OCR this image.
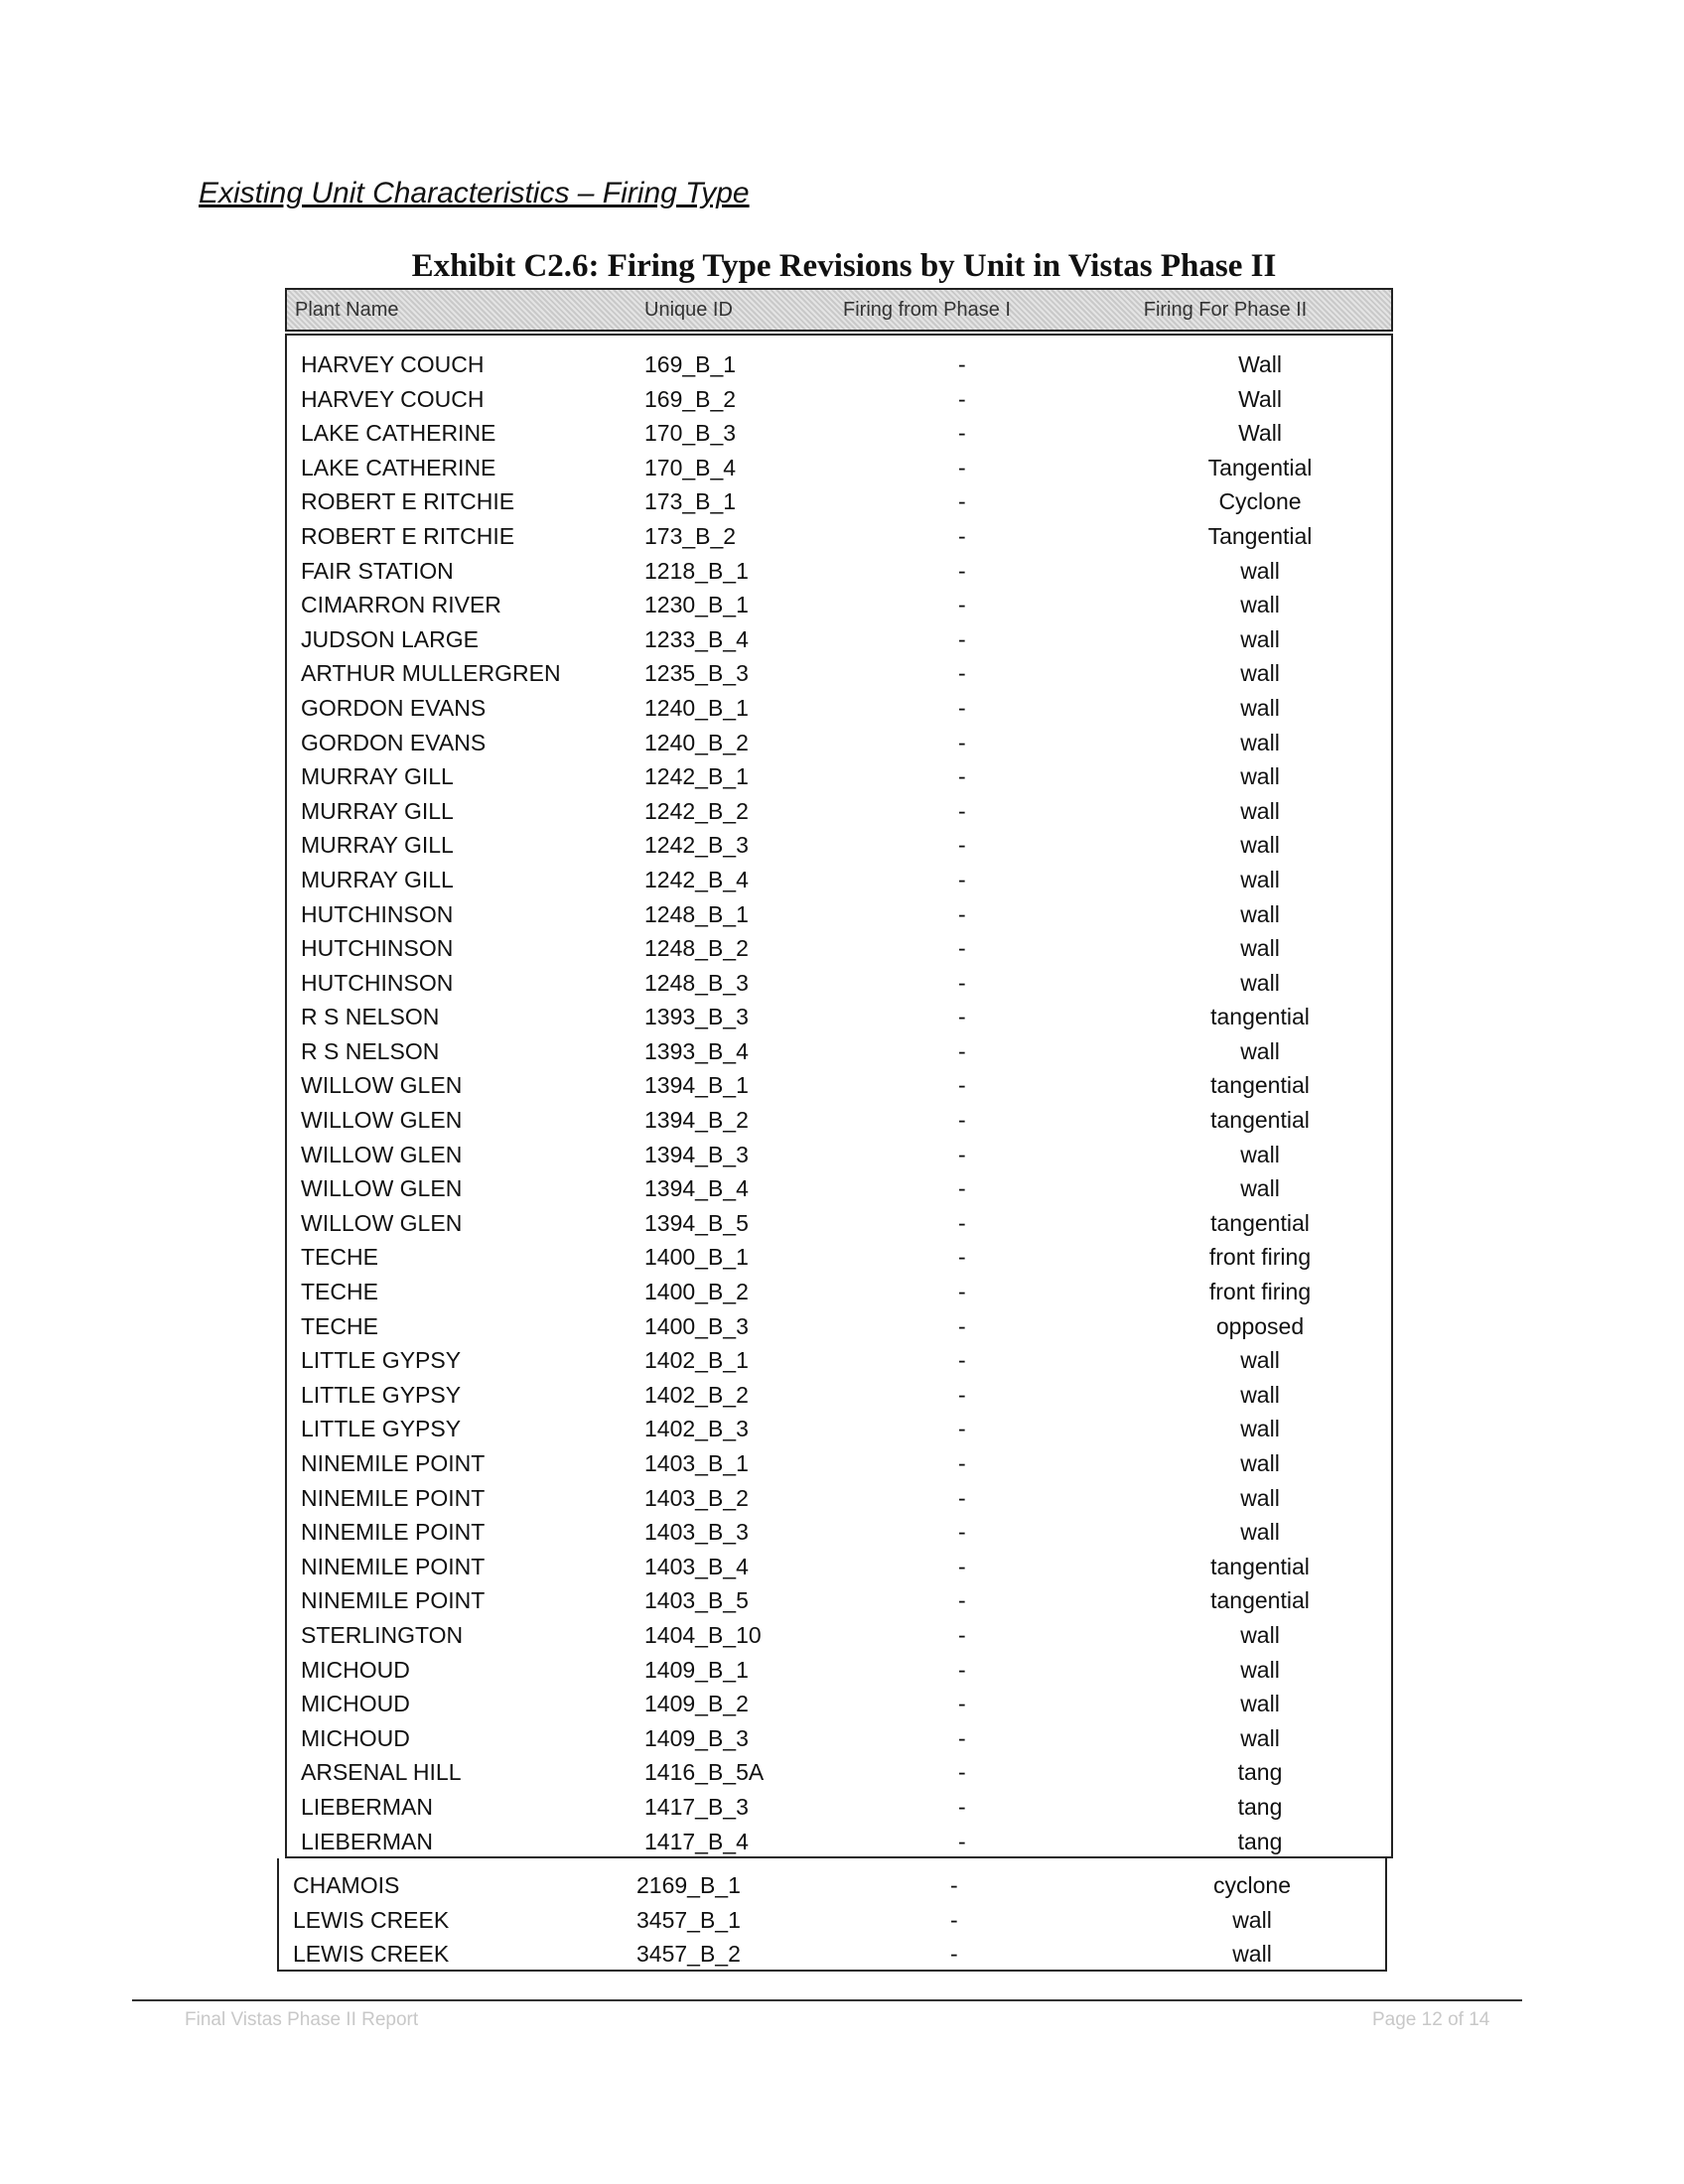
Existing Unit Characteristics – Firing Type
Exhibit C2.6: Firing Type Revisions by Unit in Vistas Phase II
Plant Name	Unique ID	Firing from Phase I	Firing For Phase II
HARVEY COUCH	169_B_1	-	Wall
HARVEY COUCH	169_B_2	-	Wall
LAKE CATHERINE	170_B_3	-	Wall
LAKE CATHERINE	170_B_4	-	Tangential
ROBERT E RITCHIE	173_B_1	-	Cyclone
ROBERT E RITCHIE	173_B_2	-	Tangential
FAIR STATION	1218_B_1	-	wall
CIMARRON RIVER	1230_B_1	-	wall
JUDSON LARGE	1233_B_4	-	wall
ARTHUR MULLERGREN	1235_B_3	-	wall
GORDON EVANS	1240_B_1	-	wall
GORDON EVANS	1240_B_2	-	wall
MURRAY GILL	1242_B_1	-	wall
MURRAY GILL	1242_B_2	-	wall
MURRAY GILL	1242_B_3	-	wall
MURRAY GILL	1242_B_4	-	wall
HUTCHINSON	1248_B_1	-	wall
HUTCHINSON	1248_B_2	-	wall
HUTCHINSON	1248_B_3	-	wall
R S NELSON	1393_B_3	-	tangential
R S NELSON	1393_B_4	-	wall
WILLOW GLEN	1394_B_1	-	tangential
WILLOW GLEN	1394_B_2	-	tangential
WILLOW GLEN	1394_B_3	-	wall
WILLOW GLEN	1394_B_4	-	wall
WILLOW GLEN	1394_B_5	-	tangential
TECHE	1400_B_1	-	front firing
TECHE	1400_B_2	-	front firing
TECHE	1400_B_3	-	opposed
LITTLE GYPSY	1402_B_1	-	wall
LITTLE GYPSY	1402_B_2	-	wall
LITTLE GYPSY	1402_B_3	-	wall
NINEMILE POINT	1403_B_1	-	wall
NINEMILE POINT	1403_B_2	-	wall
NINEMILE POINT	1403_B_3	-	wall
NINEMILE POINT	1403_B_4	-	tangential
NINEMILE POINT	1403_B_5	-	tangential
STERLINGTON	1404_B_10	-	wall
MICHOUD	1409_B_1	-	wall
MICHOUD	1409_B_2	-	wall
MICHOUD	1409_B_3	-	wall
ARSENAL HILL	1416_B_5A	-	tang
LIEBERMAN	1417_B_3	-	tang
LIEBERMAN	1417_B_4	-	tang
CHAMOIS	2169_B_1	-	cyclone
LEWIS CREEK	3457_B_1	-	wall
LEWIS CREEK	3457_B_2	-	wall
Final Vistas Phase II Report	Page 12 of 14
